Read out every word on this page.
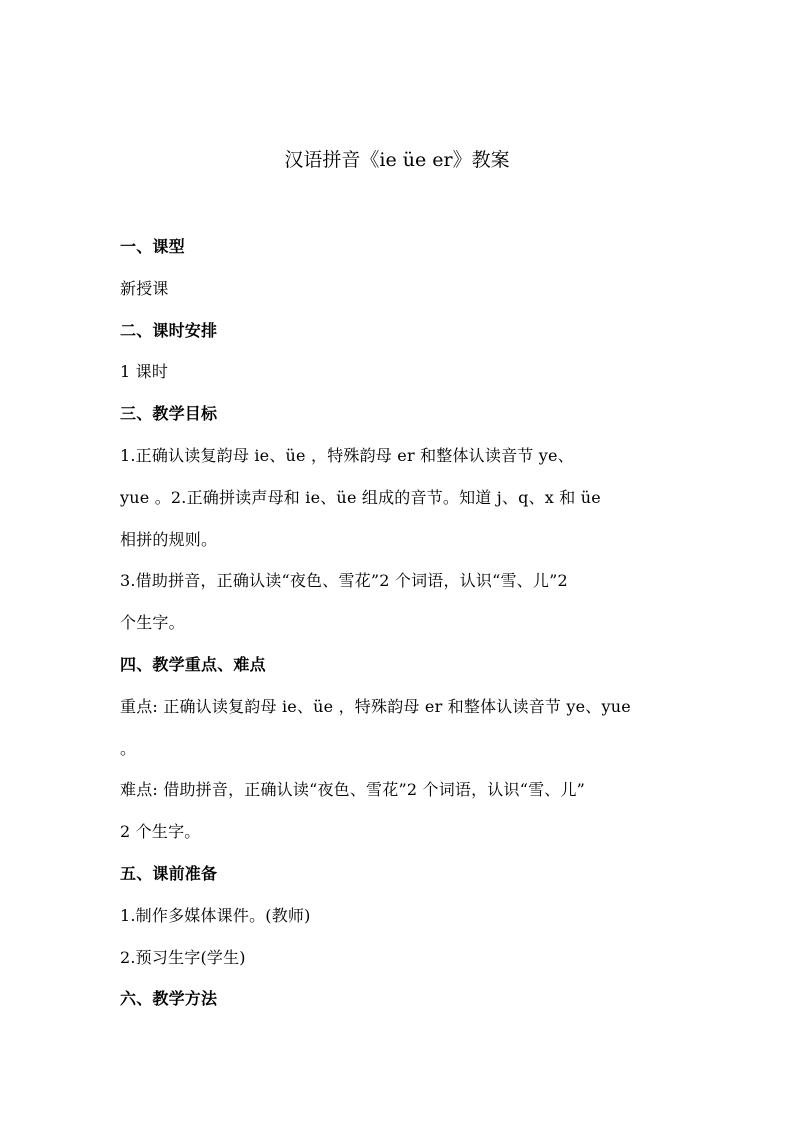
汉语拼音《ie üe er》教案
一、课型
新授课
二、课时安排
1 课时
三、教学目标
1.正确认读复韵母 ie、üe ，特殊韵母 er 和整体认读音节 ye、
yue 。2.正确拼读声母和 ie、üe 组成的音节。知道 j、q、x 和 üe
相拼的规则。
3.借助拼音，正确认读“夜色、雪花”2 个词语，认识“雪、儿”2
个生字。
四、教学重点、难点
重点: 正确认读复韵母 ie、üe ，特殊韵母 er 和整体认读音节 ye、yue
。
难点: 借助拼音，正确认读“夜色、雪花”2 个词语，认识“雪、儿”
2 个生字。
五、课前准备
1.制作多媒体课件。(教师)
2.预习生字(学生)
六、教学方法
